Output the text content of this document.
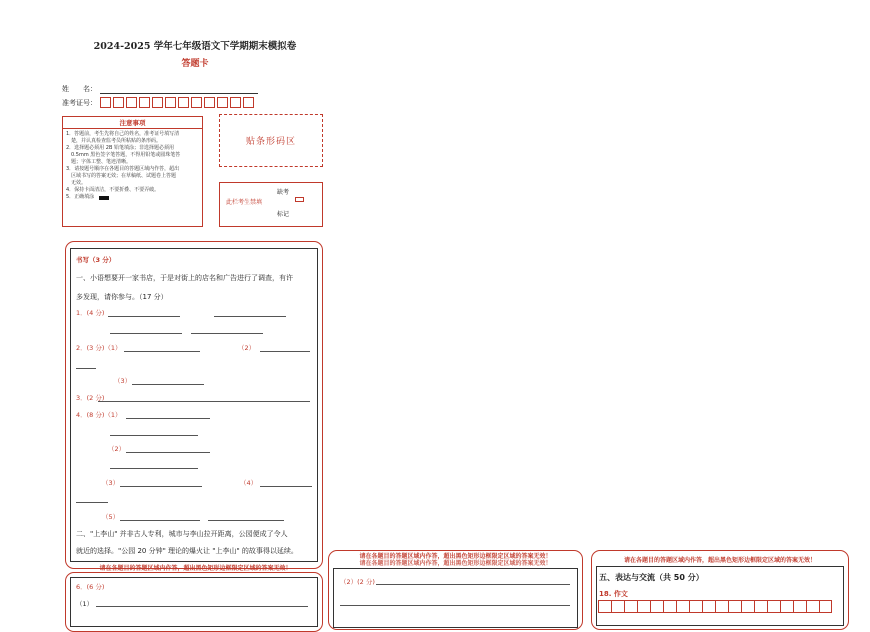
2024-2025 学年七年级语文下学期期末模拟卷
答题卡
姓　　名：
准考证号：
注意事项
1．答题前，考生先将自己的姓名，准考证号填写清
楚，并认真检查监考员所粘贴的条形码。
2．选择题必须用 2B 铅笔填涂；非选择题必须用
0.5mm 黑色签字笔答题，不得用铅笔或圆珠笔答
题；字体工整、笔迹清晰。
3．请按题号顺序在各题目的答题区域内作答，超出
区域书写的答案无效；在草稿纸、试题卷上答题
无效。
4．保持卡面清洁，不要折叠、不要弄破。
5．正确填涂
贴条形码区
此栏考生禁填
缺考
标记
书写（3 分）
一、小语想要开一家书店，于是对街上的店名和广告进行了调查，有许
多发现，请你参与。（17 分）
1．(4 分)
2．(3 分)（1）	（2）
（3）
3．(2 分)
4．(8 分)（1）
（2）
（3）	（4）
（5）
二、"上李山" 并非古人专利，城市与李山拉开距离，公园便成了令人
就近的选择。"公园 20 分钟" 理论的爆火让 "上李山" 的故事得以延续。
请在各题目的答题区域内作答，超出黑色矩形边框限定区域的答案无效！
6．(6 分)
（1）
请在各题目的答题区域内作答，超出黑色矩形边框限定区域的答案无效！
请在各题目的答题区域内作答，超出黑色矩形边框限定区域的答案无效！
（2）(2 分)
请在各题目的答题区域内作答，超出黑色矩形边框限定区域的答案无效！
五、表达与交流（共 50 分）
18. 作文
